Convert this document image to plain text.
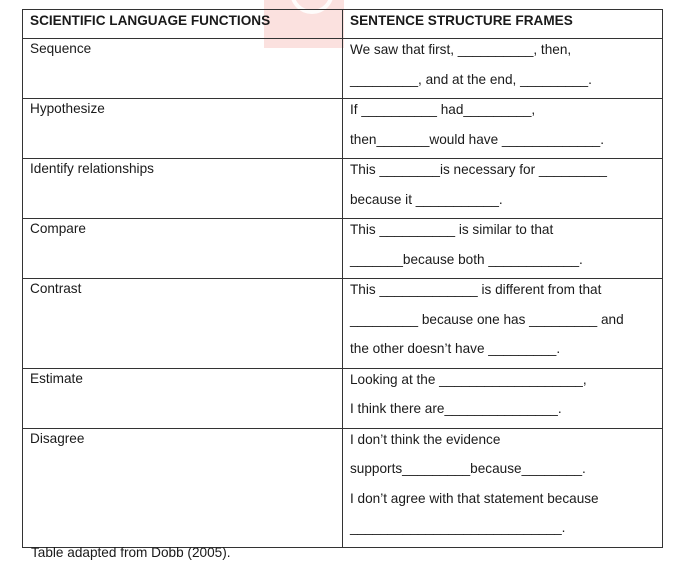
SCIENTIFIC LANGUAGE FUNCTIONS	SENTENCE STRUCTURE FRAMES
Sequence	We saw that first, __________, then,
_________, and at the end, _________.

Hypothesize	If __________ had_________,
then_______would have _____________.

Identify relationships	This ________is necessary for _________
because it ___________.

Compare	This __________ is similar to that
_______because both ____________.

Contrast	This _____________ is different from that
_________ because one has _________ and
the other doesn’t have _________.

Estimate	Looking at the ___________________,
I think there are_______________.

Disagree	I don’t think the evidence
supports_________because________.
I don’t agree with that statement because
____________________________.
Table adapted from Dobb (2005).
